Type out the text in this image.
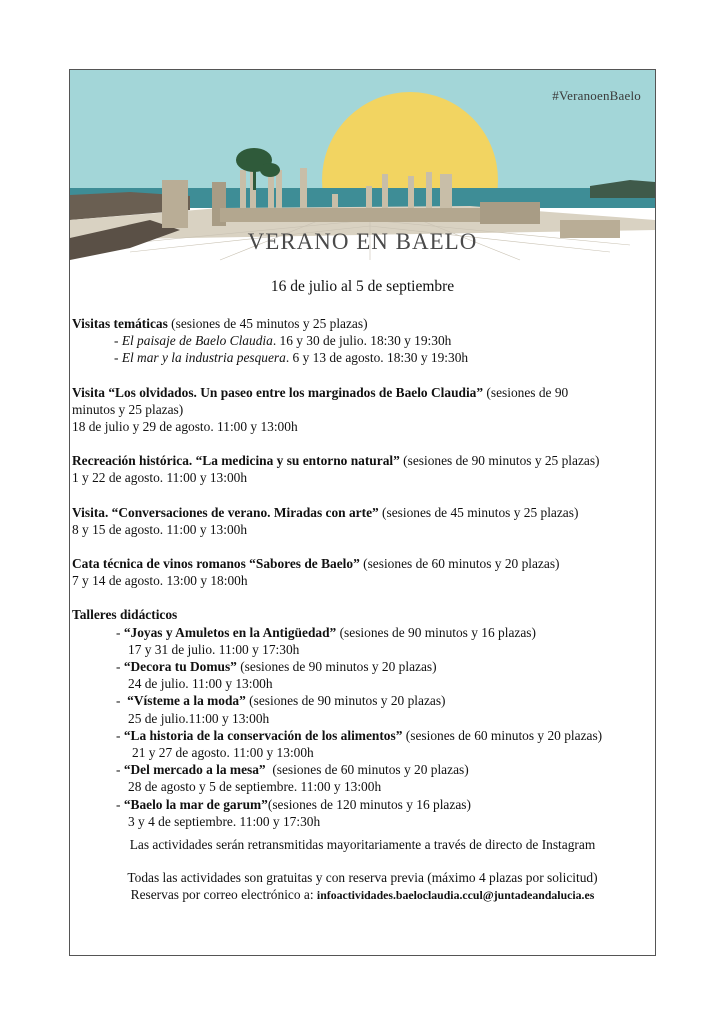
#VeranoenBaelo
VERANO EN BAELO
16 de julio al 5 de septiembre

Visitas temáticas (sesiones de 45 minutos y 25 plazas)

- El paisaje de Baelo Claudia. 16 y 30 de julio. 18:30 y 19:30h

- El mar y la industria pesquera. 6 y 13 de agosto. 18:30 y 19:30h

Visita “Los olvidados. Un paseo entre los marginados de Baelo Claudia” (sesiones de 90

minutos y 25 plazas)

18 de julio y 29 de agosto. 11:00 y 13:00h

Recreación histórica. “La medicina y su entorno natural” (sesiones de 90 minutos y 25 plazas)

1 y 22 de agosto. 11:00 y 13:00h

Visita. “Conversaciones de verano. Miradas con arte” (sesiones de 45 minutos y 25 plazas)

8 y 15 de agosto. 11:00 y 13:00h

Cata técnica de vinos romanos “Sabores de Baelo” (sesiones de 60 minutos y 20 plazas)

7 y 14 de agosto. 13:00 y 18:00h

Talleres didácticos

- “Joyas y Amuletos en la Antigüedad” (sesiones de 90 minutos y 16 plazas)

17 y 31 de julio. 11:00 y 17:30h

- “Decora tu Domus” (sesiones de 90 minutos y 20 plazas)

24 de julio. 11:00 y 13:00h

-  “Vísteme a la moda” (sesiones de 90 minutos y 20 plazas)

25 de julio.11:00 y 13:00h

- “La historia de la conservación de los alimentos” (sesiones de 60 minutos y 20 plazas)

21 y 27 de agosto. 11:00 y 13:00h

- “Del mercado a la mesa”  (sesiones de 60 minutos y 20 plazas)

28 de agosto y 5 de septiembre. 11:00 y 13:00h

- “Baelo la mar de garum”(sesiones de 120 minutos y 16 plazas)

3 y 4 de septiembre. 11:00 y 17:30h

Las actividades serán retransmitidas mayoritariamente a través de directo de Instagram
Todas las actividades son gratuitas y con reserva previa (máximo 4 plazas por solicitud)
Reservas por correo electrónico a: infoactividades.baeloclaudia.ccul@juntadeandalucia.es
